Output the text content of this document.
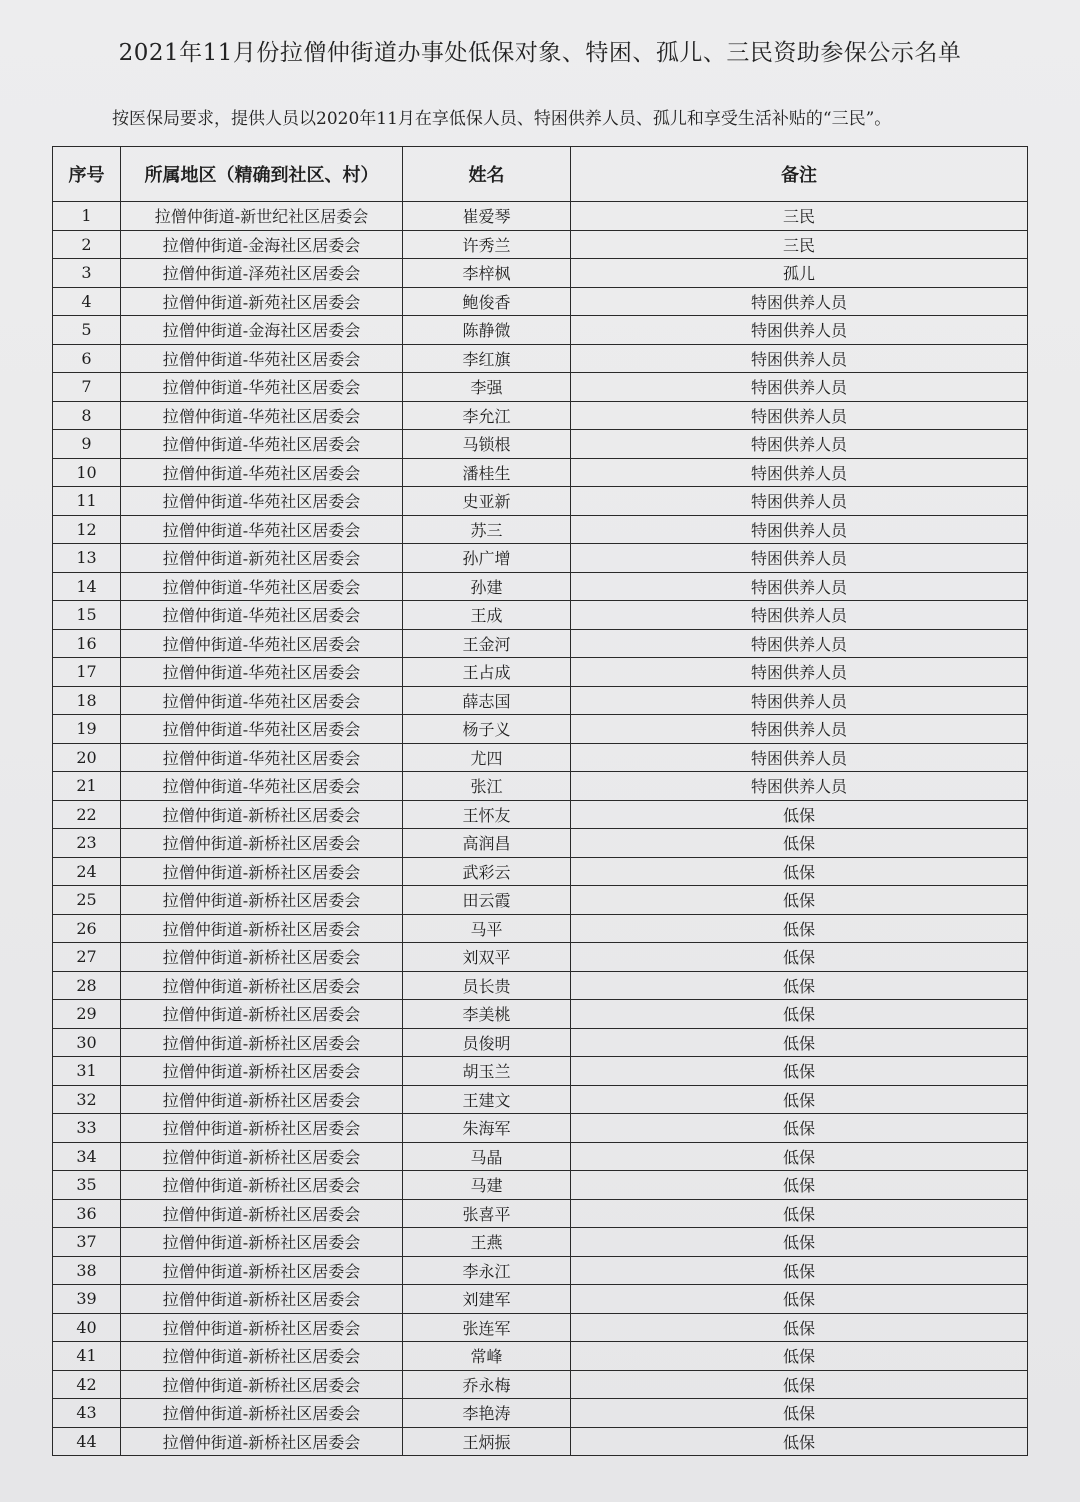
2021年11月份拉僧仲街道办事处低保对象、特困、孤儿、三民资助参保公示名单
按医保局要求，提供人员以2020年11月在享低保人员、特困供养人员、孤儿和享受生活补贴的“三民”。
序号	所属地区（精确到社区、村）	姓名	备注
1	拉僧仲街道-新世纪社区居委会	崔爱琴	三民
2	拉僧仲街道-金海社区居委会	许秀兰	三民
3	拉僧仲街道-泽苑社区居委会	李梓枫	孤儿
4	拉僧仲街道-新苑社区居委会	鲍俊香	特困供养人员
5	拉僧仲街道-金海社区居委会	陈静微	特困供养人员
6	拉僧仲街道-华苑社区居委会	李红旗	特困供养人员
7	拉僧仲街道-华苑社区居委会	李强	特困供养人员
8	拉僧仲街道-华苑社区居委会	李允江	特困供养人员
9	拉僧仲街道-华苑社区居委会	马锁根	特困供养人员
10	拉僧仲街道-华苑社区居委会	潘桂生	特困供养人员
11	拉僧仲街道-华苑社区居委会	史亚新	特困供养人员
12	拉僧仲街道-华苑社区居委会	苏三	特困供养人员
13	拉僧仲街道-新苑社区居委会	孙广增	特困供养人员
14	拉僧仲街道-华苑社区居委会	孙建	特困供养人员
15	拉僧仲街道-华苑社区居委会	王成	特困供养人员
16	拉僧仲街道-华苑社区居委会	王金河	特困供养人员
17	拉僧仲街道-华苑社区居委会	王占成	特困供养人员
18	拉僧仲街道-华苑社区居委会	薛志国	特困供养人员
19	拉僧仲街道-华苑社区居委会	杨子义	特困供养人员
20	拉僧仲街道-华苑社区居委会	尤四	特困供养人员
21	拉僧仲街道-华苑社区居委会	张江	特困供养人员
22	拉僧仲街道-新桥社区居委会	王怀友	低保
23	拉僧仲街道-新桥社区居委会	高润昌	低保
24	拉僧仲街道-新桥社区居委会	武彩云	低保
25	拉僧仲街道-新桥社区居委会	田云霞	低保
26	拉僧仲街道-新桥社区居委会	马平	低保
27	拉僧仲街道-新桥社区居委会	刘双平	低保
28	拉僧仲街道-新桥社区居委会	员长贵	低保
29	拉僧仲街道-新桥社区居委会	李美桃	低保
30	拉僧仲街道-新桥社区居委会	员俊明	低保
31	拉僧仲街道-新桥社区居委会	胡玉兰	低保
32	拉僧仲街道-新桥社区居委会	王建文	低保
33	拉僧仲街道-新桥社区居委会	朱海军	低保
34	拉僧仲街道-新桥社区居委会	马晶	低保
35	拉僧仲街道-新桥社区居委会	马建	低保
36	拉僧仲街道-新桥社区居委会	张喜平	低保
37	拉僧仲街道-新桥社区居委会	王燕	低保
38	拉僧仲街道-新桥社区居委会	李永江	低保
39	拉僧仲街道-新桥社区居委会	刘建军	低保
40	拉僧仲街道-新桥社区居委会	张连军	低保
41	拉僧仲街道-新桥社区居委会	常峰	低保
42	拉僧仲街道-新桥社区居委会	乔永梅	低保
43	拉僧仲街道-新桥社区居委会	李艳涛	低保
44	拉僧仲街道-新桥社区居委会	王炳振	低保
